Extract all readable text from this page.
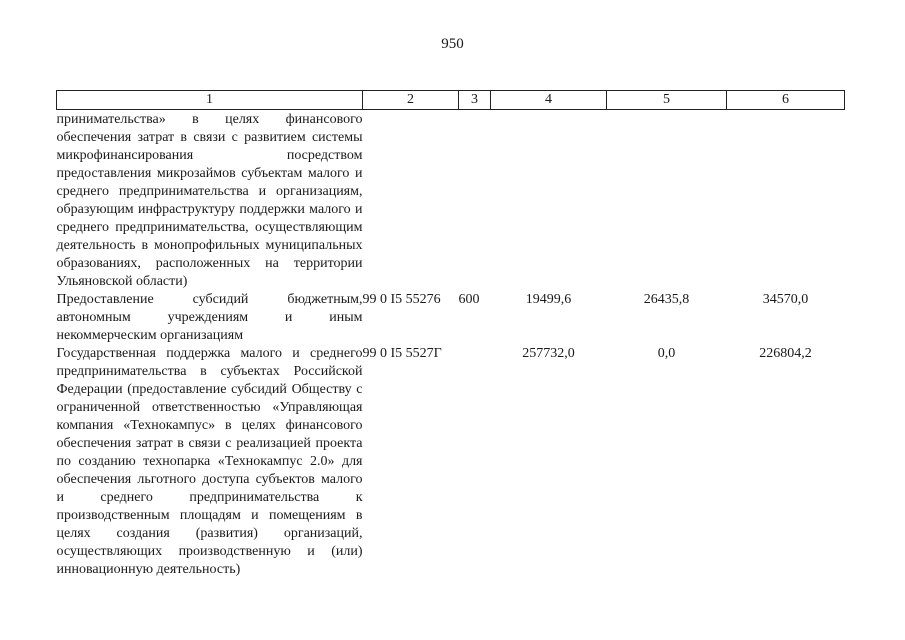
950
1	2	3	4	5	6
принимательства» в целях финансового обеспечения затрат в связи с развитием системы микрофинансирования посредством предоставления микрозаймов субъектам малого и среднего предпринимательства и организациям, образующим инфраструктуру поддержки малого и среднего предпринимательства, осуществляющим деятельность в монопрофильных муниципальных образованиях, расположенных на территории Ульяновской области)					
Предоставление субсидий бюджетным, автономным учреждениям и иным некоммерческим организациям	99 0 I5 55276	600	19499,6	26435,8	34570,0
Государственная поддержка малого и среднего предпринимательства в субъектах Российской Федерации (предоставление субсидий Обществу с ограниченной ответственностью «Управляющая компания «Технокампус» в целях финансового обеспечения затрат в связи с реализацией проекта по созданию технопарка «Технокампус 2.0» для обеспечения льготного доступа субъектов малого и среднего предпринимательства к производственным площадям и помещениям в целях создания (развития) организаций, осуществляющих производственную и (или) инновационную деятельность)	99 0 I5 5527Г		257732,0	0,0	226804,2
